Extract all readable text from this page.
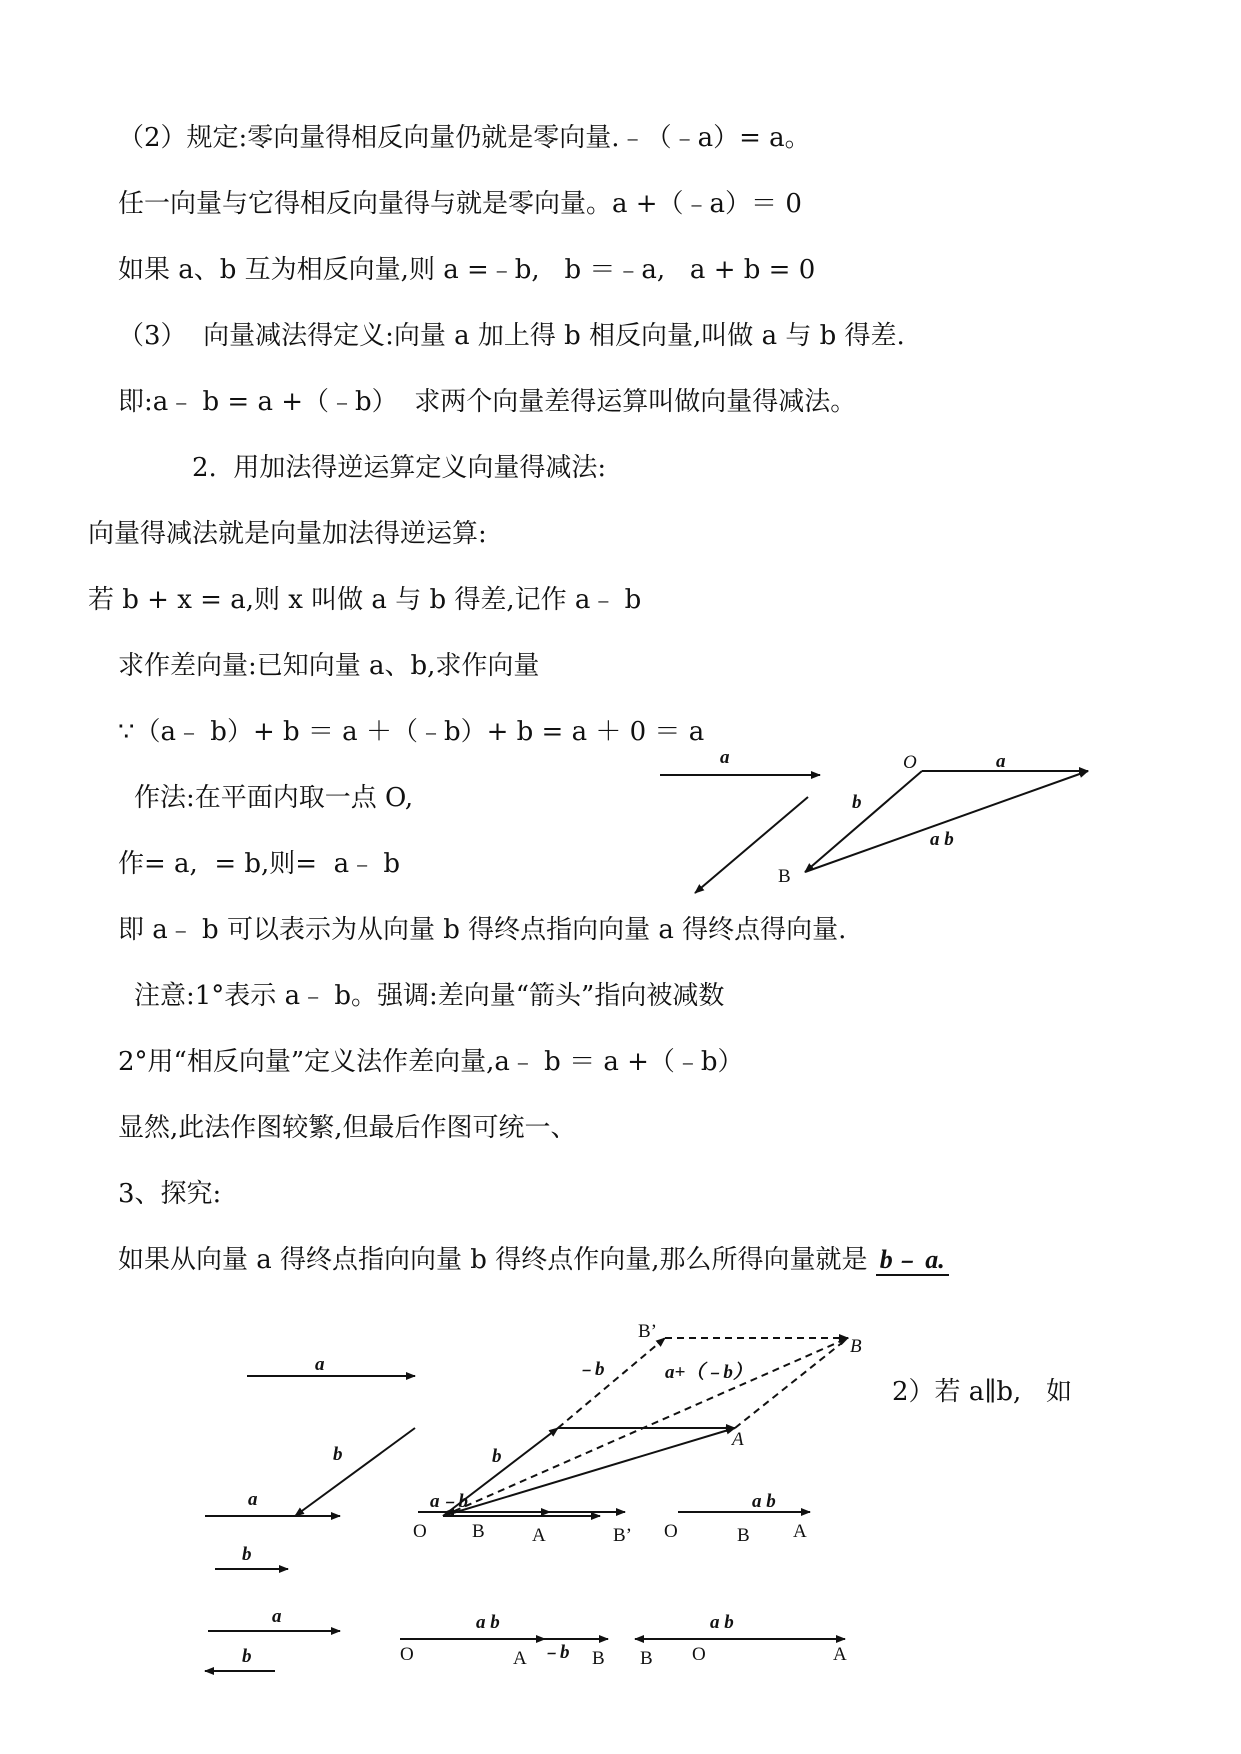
（2）规定:零向量得相反向量仍就是零向量.﹣（﹣a）= a。
任一向量与它得相反向量得与就是零向量。a +（﹣a）＝ 0
如果 a、b 互为相反向量,则 a =﹣b,   b ＝﹣a,   a + b = 0
（3）  向量减法得定义:向量 a 加上得 b 相反向量,叫做 a 与 b 得差.
即:a﹣ b = a +（﹣b）  求两个向量差得运算叫做向量得减法。
2.  用加法得逆运算定义向量得减法:
向量得减法就是向量加法得逆运算:
若 b + x = a,则 x 叫做 a 与 b 得差,记作 a﹣ b
求作差向量:已知向量 a、b,求作向量
∵（a﹣ b）+ b ＝ a ＋（﹣b）+ b = a ＋ 0 ＝ a
作法:在平面内取一点 O,
作= a,  = b,则=  a﹣ b
即 a﹣ b 可以表示为从向量 b 得终点指向向量 a 得终点得向量.
注意:1°表示 a﹣ b。强调:差向量“箭头”指向被减数
2°用“相反向量”定义法作差向量,a﹣ b ＝ a +（﹣b）
显然,此法作图较繁,但最后作图可统一、
3、探究:
如果从向量 a 得终点指向向量 b 得终点作向量,那么所得向量就是 b﹣ a.
2）若 a∥b,   如
a
b
O	a
a b
B
B’
B
﹣b	a+（﹣b）
a
A
b	b
a	a﹣b
O B A	B’
a b
O	B A
b
a
b
a b
﹣b
O	A	B
a b
B O	A
